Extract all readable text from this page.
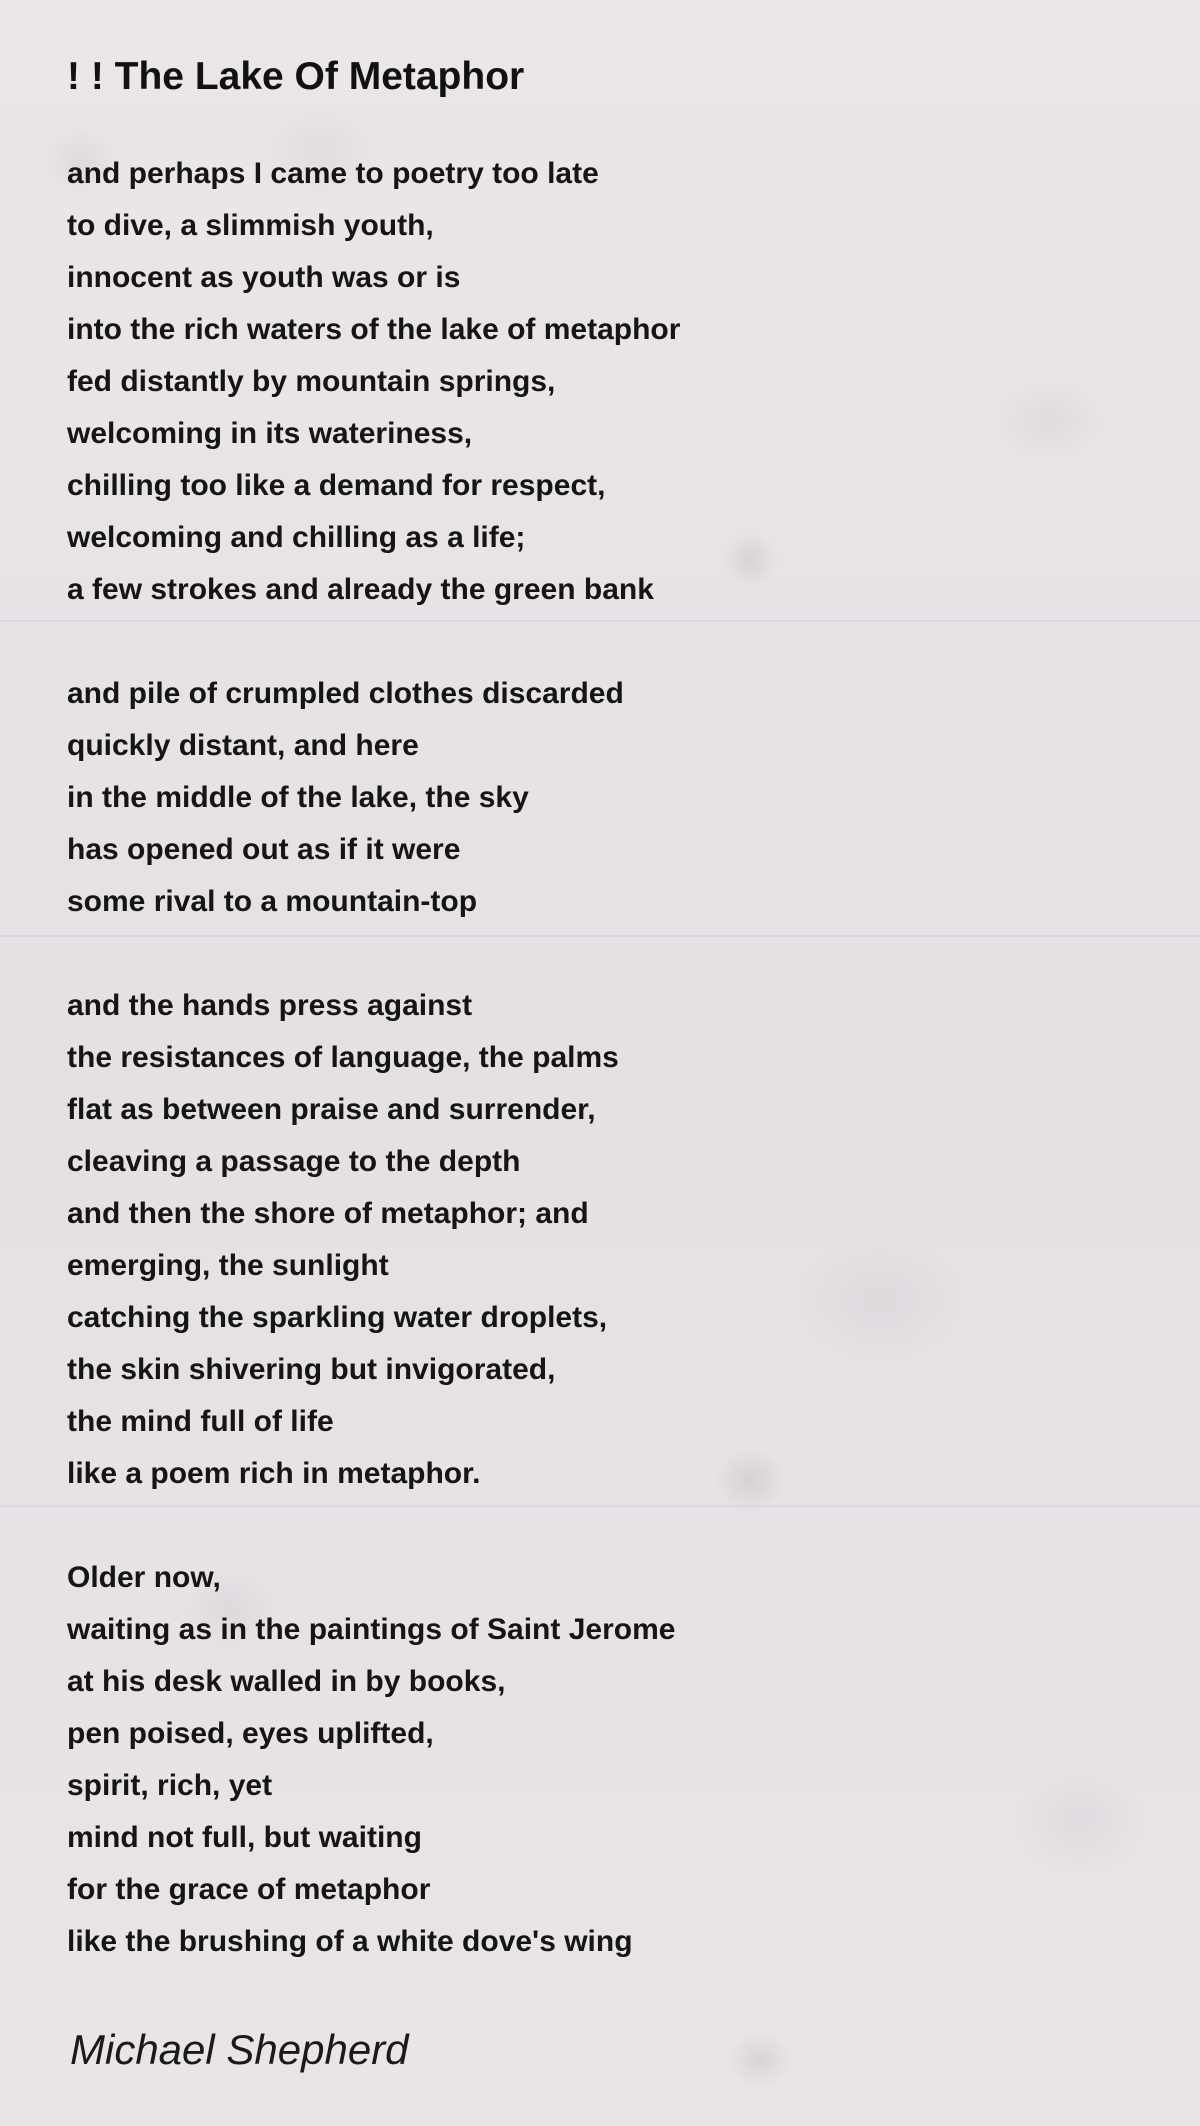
! ! The Lake Of Metaphor
and perhaps I came to poetry too late
to dive, a slimmish youth,
innocent as youth was or is
into the rich waters of the lake of metaphor
fed distantly by mountain springs,
welcoming in its wateriness,
chilling too like a demand for respect,
welcoming and chilling as a life;
a few strokes and already the green bank
and pile of crumpled clothes discarded
quickly distant, and here
in the middle of the lake, the sky
has opened out as if it were
some rival to a mountain-top
and the hands press against
the resistances of language, the palms
flat as between praise and surrender,
cleaving a passage to the depth
and then the shore of metaphor; and
emerging, the sunlight
catching the sparkling water droplets,
the skin shivering but invigorated,
the mind full of life
like a poem rich in metaphor.
Older now,
waiting as in the paintings of Saint Jerome
at his desk walled in by books,
pen poised, eyes uplifted,
spirit, rich, yet
mind not full, but waiting
for the grace of metaphor
like the brushing of a white dove's wing
Michael Shepherd
